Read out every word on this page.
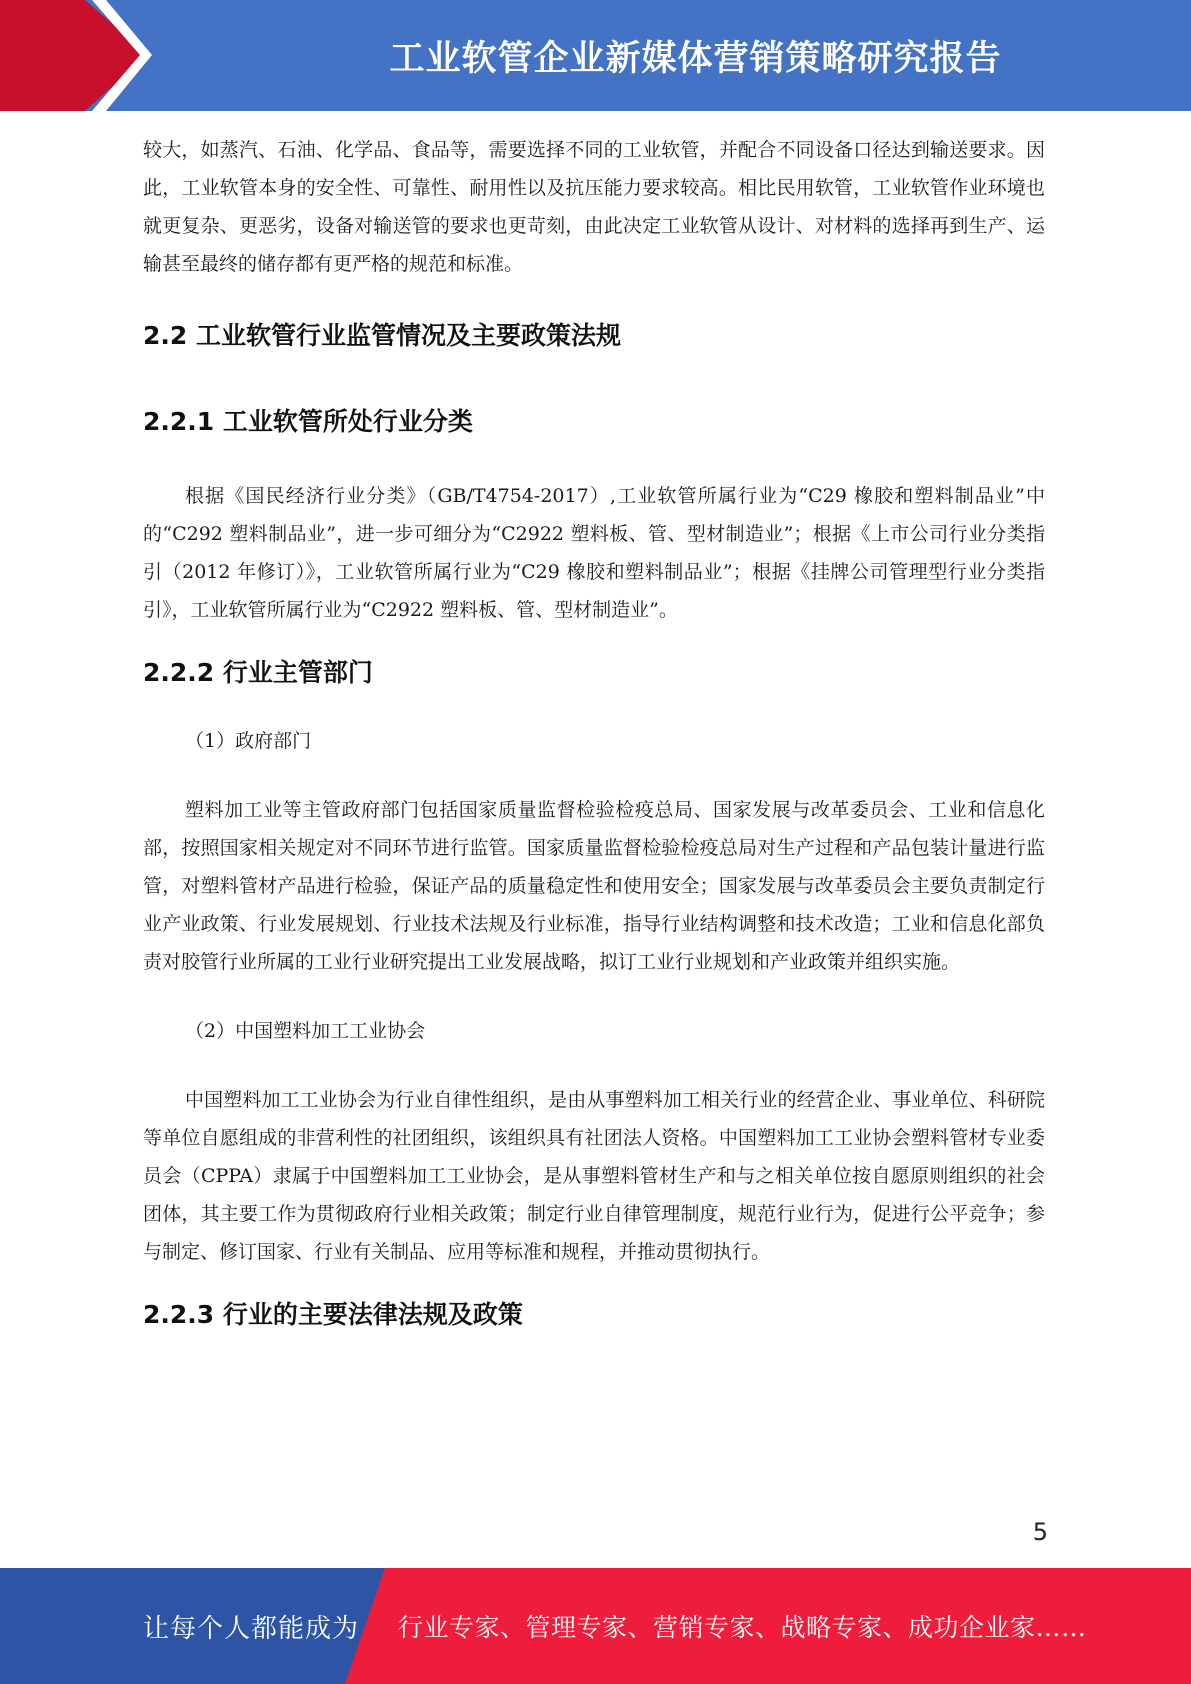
工业软管企业新媒体营销策略研究报告

较大，如蒸汽、石油、化学品、食品等，需要选择不同的工业软管，并配合不同设备口径达到输送要求。因此，工业软管本身的安全性、可靠性、耐用性以及抗压能力要求较高。相比民用软管，工业软管作业环境也就更复杂、更恶劣，设备对输送管的要求也更苛刻，由此决定工业软管从设计、对材料的选择再到生产、运输甚至最终的储存都有更严格的规范和标准。

2.2 工业软管行业监管情况及主要政策法规
2.2.1 工业软管所处行业分类

根据《国民经济行业分类》（GB/T4754-2017）,工业软管所属行业为“C29 橡胶和塑料制品业”中的“C292 塑料制品业”，进一步可细分为“C2922 塑料板、管、型材制造业”；根据《上市公司行业分类指引（2012 年修订）》，工业软管所属行业为“C29 橡胶和塑料制品业”；根据《挂牌公司管理型行业分类指引》，工业软管所属行业为“C2922 塑料板、管、型材制造业”。

2.2.2 行业主管部门

（1）政府部门

塑料加工业等主管政府部门包括国家质量监督检验检疫总局、国家发展与改革委员会、工业和信息化部，按照国家相关规定对不同环节进行监管。国家质量监督检验检疫总局对生产过程和产品包装计量进行监管，对塑料管材产品进行检验，保证产品的质量稳定性和使用安全；国家发展与改革委员会主要负责制定行业产业政策、行业发展规划、行业技术法规及行业标准，指导行业结构调整和技术改造；工业和信息化部负责对胶管行业所属的工业行业研究提出工业发展战略，拟订工业行业规划和产业政策并组织实施。

（2）中国塑料加工工业协会

中国塑料加工工业协会为行业自律性组织，是由从事塑料加工相关行业的经营企业、事业单位、科研院等单位自愿组成的非营利性的社团组织，该组织具有社团法人资格。中国塑料加工工业协会塑料管材专业委员会（CPPA）隶属于中国塑料加工工业协会，是从事塑料管材生产和与之相关单位按自愿原则组织的社会团体，其主要工作为贯彻政府行业相关政策；制定行业自律管理制度，规范行业行为，促进行公平竞争；参与制定、修订国家、行业有关制品、应用等标准和规程，并推动贯彻执行。

2.2.3 行业的主要法律法规及政策
5
让每个人都能成为 行业专家、管理专家、营销专家、战略专家、成功企业家……
